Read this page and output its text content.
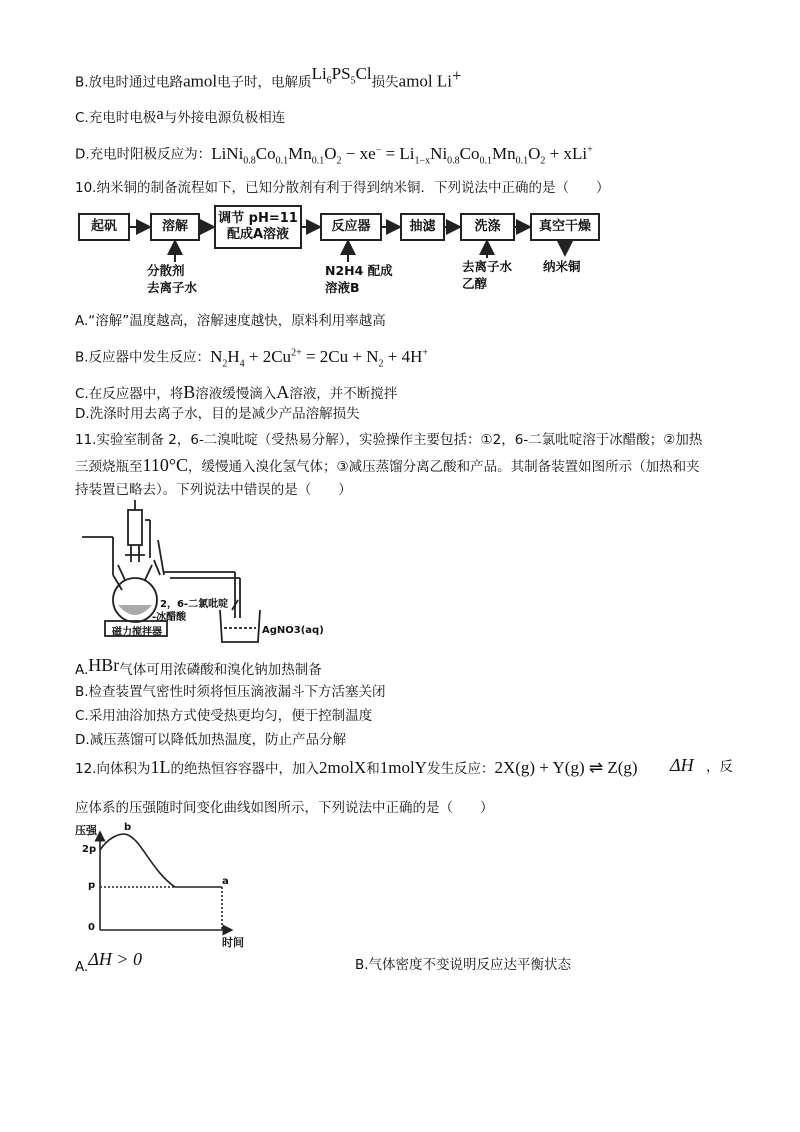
B.放电时通过电路amol电子时，电解质$Li_6PS_5Cl$损失amol Li+
C.充电时电极a与外接电源负极相连
D.充电时阳极反应为：$LiNi_{0.8}Co_{0.1}Mn_{0.1}O_2 - xe^- = Li_{1-x}Ni_{0.8}Co_{0.1}Mn_{0.1}O_2 + xLi^+$
10.纳米铜的制备流程如下，已知分散剂有利于得到纳米铜．下列说法中正确的是（　　）
起矾	溶解
调节 pH=11
配成A溶液
反应器	抽滤	洗涤	真空干燥
分散剂
去离子水
N2H4 配成
溶液B
去离子水
乙醇
纳米铜
A.“溶解”温度越高，溶解速度越快，原料利用率越高
B.反应器中发生反应：$N_2H_4 + 2Cu^{2+} = 2Cu + N_2 + 4H^+$
C.在反应器中，将B溶液缓慢滴入A溶液，并不断搅拌
D.洗涤时用去离子水，目的是减少产品溶解损失
11.实验室制备 2，6-二溴吡啶（受热易分解），实验操作主要包括：①2，6-二氯吡啶溶于冰醋酸；②加热
三颈烧瓶至110°C，缓慢通入溴化氢气体；③减压蒸馏分离乙酸和产品。其制备装置如图所示（加热和夹
持装置已略去）。下列说法中错误的是（　　）
2，6-二氯吡啶
-冰醋酸
磁力搅拌器	AgNO3(aq)
A.HBr气体可用浓磷酸和溴化钠加热制备
B.检查装置气密性时须将恒压滴液漏斗下方活塞关闭
C.采用油浴加热方式使受热更均匀，便于控制温度
D.减压蒸馏可以降低加热温度，防止产品分解
12.向体积为1L的绝热恒容容器中，加入2molX和1molY发生反应：2X(g) + Y(g) ⇌ Z(g) ΔH ，反
应体系的压强随时间变化曲线如图所示，下列说法中正确的是（　　）
压强
时间
2p
p
0
b
a
A.ΔH > 0	B.气体密度不变说明反应达平衡状态
